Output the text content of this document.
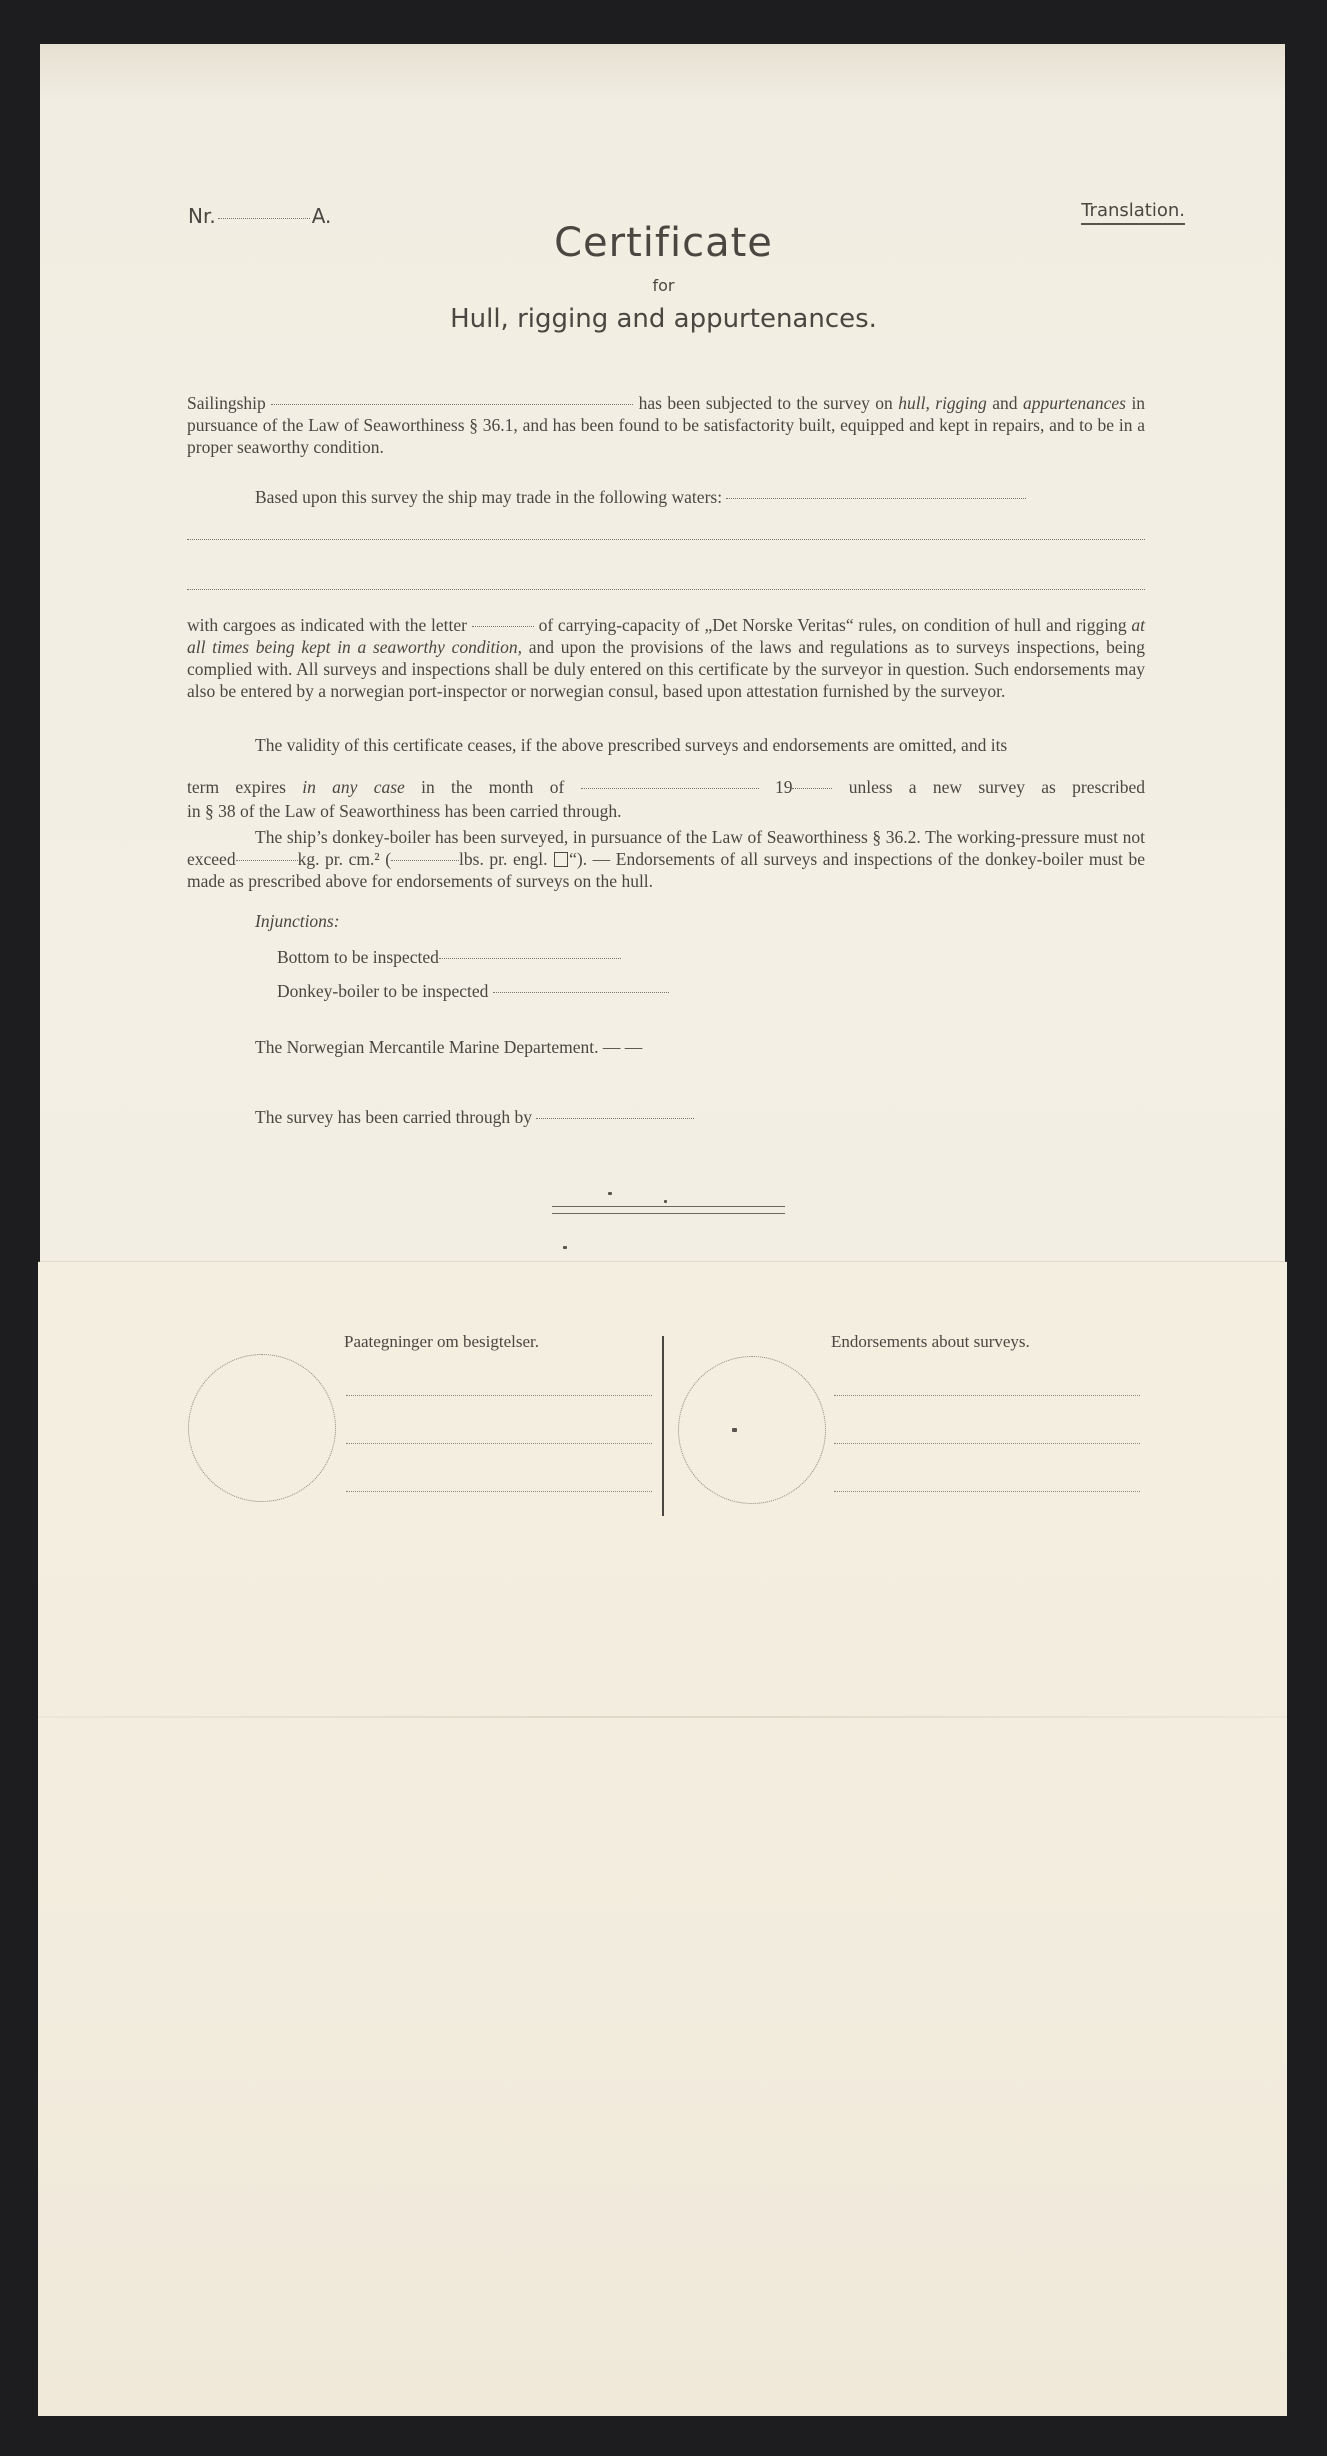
Nr.	A.	Translation.
Certificate
for
Hull, rigging and appurtenances.
Sailingship	has been subjected to the survey on hull, rigging and appurtenances in pursuance of the Law of Seaworthiness § 36.1, and has been found to be satisfactority built, equipped and kept in repairs, and to be in a proper seaworthy condition.
Based upon this survey the ship may trade in the following waters:
with cargoes as indicated with the letter	of carrying-capacity of „Det Norske Veritas“ rules, on condition of hull and rigging at all times being kept in a seaworthy condition, and upon the provisions of the laws and regulations as to surveys inspections, being complied with. All surveys and inspections shall be duly entered on this certificate by the surveyor in question. Such endorsements may also be entered by a norwegian port-inspector or norwegian consul, based upon attestation furnished by the surveyor.
The validity of this certificate ceases, if the above prescribed surveys and endorsements are omitted, and its
term expires in any case in the month of	19	unless a new survey as prescribed
in § 38 of the Law of Seaworthiness has been carried through.
The ship’s donkey-boiler has been surveyed, in pursuance of the Law of Seaworthiness § 36.2. The working-pressure must not exceed	kg. pr. cm.² (	lbs. pr. engl. “). — Endorsements of all surveys and inspections of the donkey-boiler must be made as prescribed above for endorsements of surveys on the hull.
Injunctions:
Bottom to be inspected
Donkey-boiler to be inspected
The Norwegian Mercantile Marine Departement. — —
The survey has been carried through by
Paategninger om besigtelser.	Endorsements about surveys.
